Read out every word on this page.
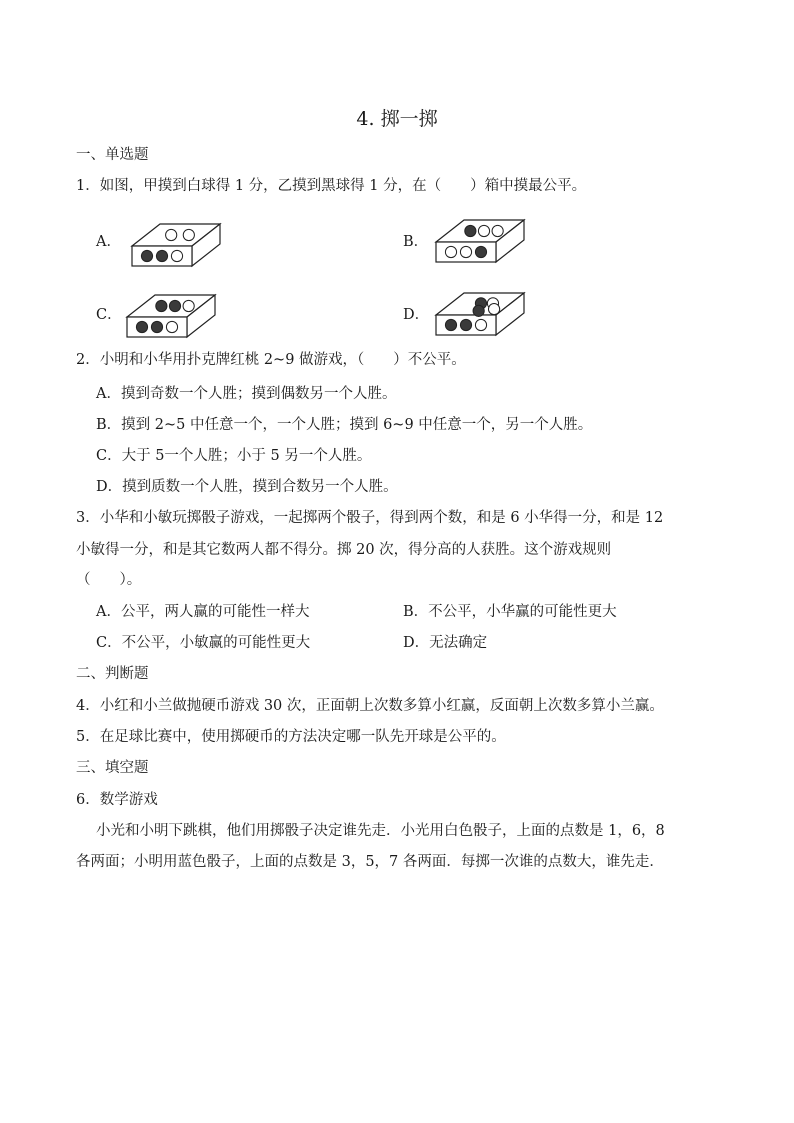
4. 掷一掷
一、单选题
1．如图，甲摸到白球得 1 分，乙摸到黑球得 1 分，在（　　）箱中摸最公平。
A．	B．
C．	D．
2．小明和小华用扑克牌红桃 2~9 做游戏，（　　）不公平。
A．摸到奇数一个人胜；摸到偶数另一个人胜。
B．摸到 2~5 中任意一个，一个人胜；摸到 6~9 中任意一个，另一个人胜。
C．大于 5一个人胜；小于 5 另一个人胜。
D．摸到质数一个人胜，摸到合数另一个人胜。
3．小华和小敏玩掷骰子游戏，一起掷两个骰子，得到两个数，和是 6 小华得一分，和是 12
小敏得一分，和是其它数两人都不得分。掷 20 次，得分高的人获胜。这个游戏规则
（　　）。
A．公平，两人赢的可能性一样大	B．不公平，小华赢的可能性更大
C．不公平，小敏赢的可能性更大	D．无法确定
二、判断题
4．小红和小兰做抛硬币游戏 30 次，正面朝上次数多算小红赢，反面朝上次数多算小兰赢。
5．在足球比赛中，使用掷硬币的方法决定哪一队先开球是公平的。
三、填空题
6．数学游戏
小光和小明下跳棋，他们用掷骰子决定谁先走．小光用白色骰子，上面的点数是 1，6，8
各两面；小明用蓝色骰子，上面的点数是 3，5，7 各两面．每掷一次谁的点数大，谁先走．
